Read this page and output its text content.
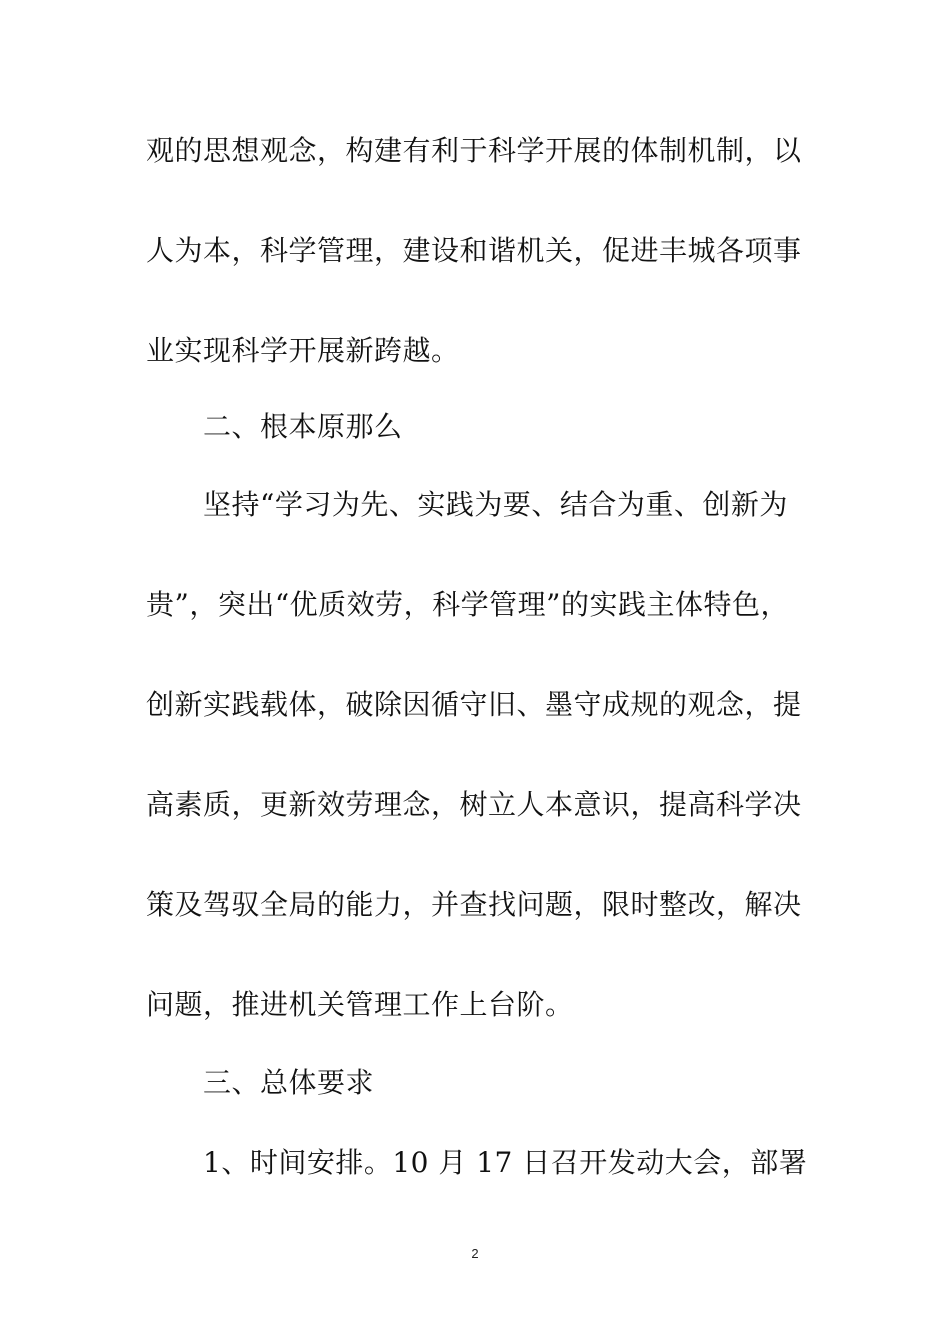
观的思想观念，构建有利于科学开展的体制机制，以
人为本，科学管理，建设和谐机关，促进丰城各项事
业实现科学开展新跨越。
二、根本原那么
坚持“学习为先、实践为要、结合为重、创新为
贵”，突出“优质效劳，科学管理”的实践主体特色，
创新实践载体，破除因循守旧、墨守成规的观念，提
高素质，更新效劳理念，树立人本意识，提高科学决
策及驾驭全局的能力，并查找问题，限时整改，解决
问题，推进机关管理工作上台阶。
三、总体要求
1、时间安排。10 月 17 日召开发动大会，部署
2
